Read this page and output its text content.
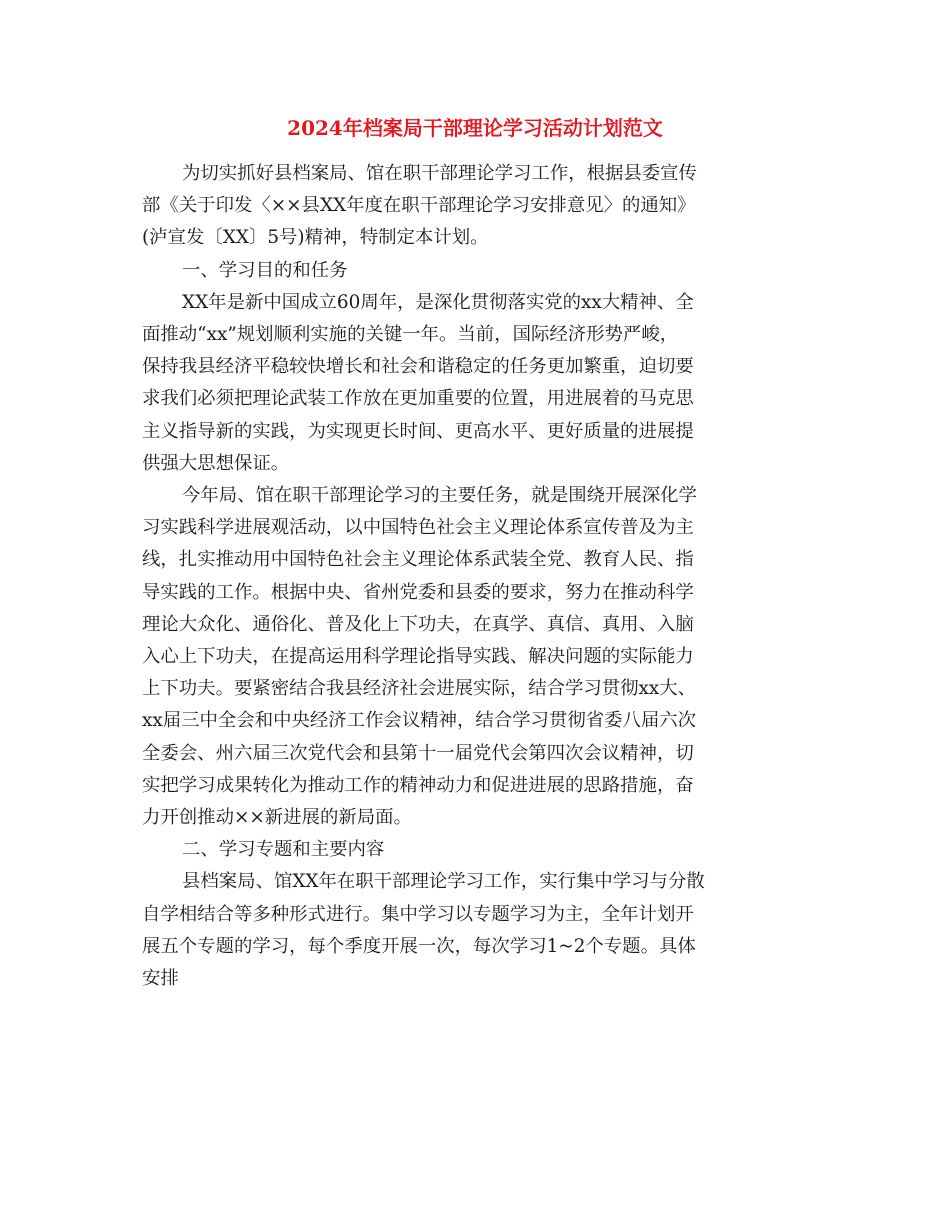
2024年档案局干部理论学习活动计划范文
为切实抓好县档案局、馆在职干部理论学习工作，根据县委宣传
部《关于印发〈××县XX年度在职干部理论学习安排意见〉的通知》
(泸宣发〔XX〕5号)精神，特制定本计划。
一、学习目的和任务
XX年是新中国成立60周年，是深化贯彻落实党的xx大精神、全
面推动“xx”规划顺利实施的关键一年。当前，国际经济形势严峻，
保持我县经济平稳较快增长和社会和谐稳定的任务更加繁重，迫切要
求我们必须把理论武装工作放在更加重要的位置，用进展着的马克思
主义指导新的实践，为实现更长时间、更高水平、更好质量的进展提
供强大思想保证。
今年局、馆在职干部理论学习的主要任务，就是围绕开展深化学
习实践科学进展观活动，以中国特色社会主义理论体系宣传普及为主
线，扎实推动用中国特色社会主义理论体系武装全党、教育人民、指
导实践的工作。根据中央、省州党委和县委的要求，努力在推动科学
理论大众化、通俗化、普及化上下功夫，在真学、真信、真用、入脑
入心上下功夫，在提高运用科学理论指导实践、解决问题的实际能力
上下功夫。要紧密结合我县经济社会进展实际，结合学习贯彻xx大、
xx届三中全会和中央经济工作会议精神，结合学习贯彻省委八届六次
全委会、州六届三次党代会和县第十一届党代会第四次会议精神，切
实把学习成果转化为推动工作的精神动力和促进进展的思路措施，奋
力开创推动××新进展的新局面。
二、学习专题和主要内容
县档案局、馆XX年在职干部理论学习工作，实行集中学习与分散
自学相结合等多种形式进行。集中学习以专题学习为主，全年计划开
展五个专题的学习，每个季度开展一次，每次学习1~2个专题。具体
安排
